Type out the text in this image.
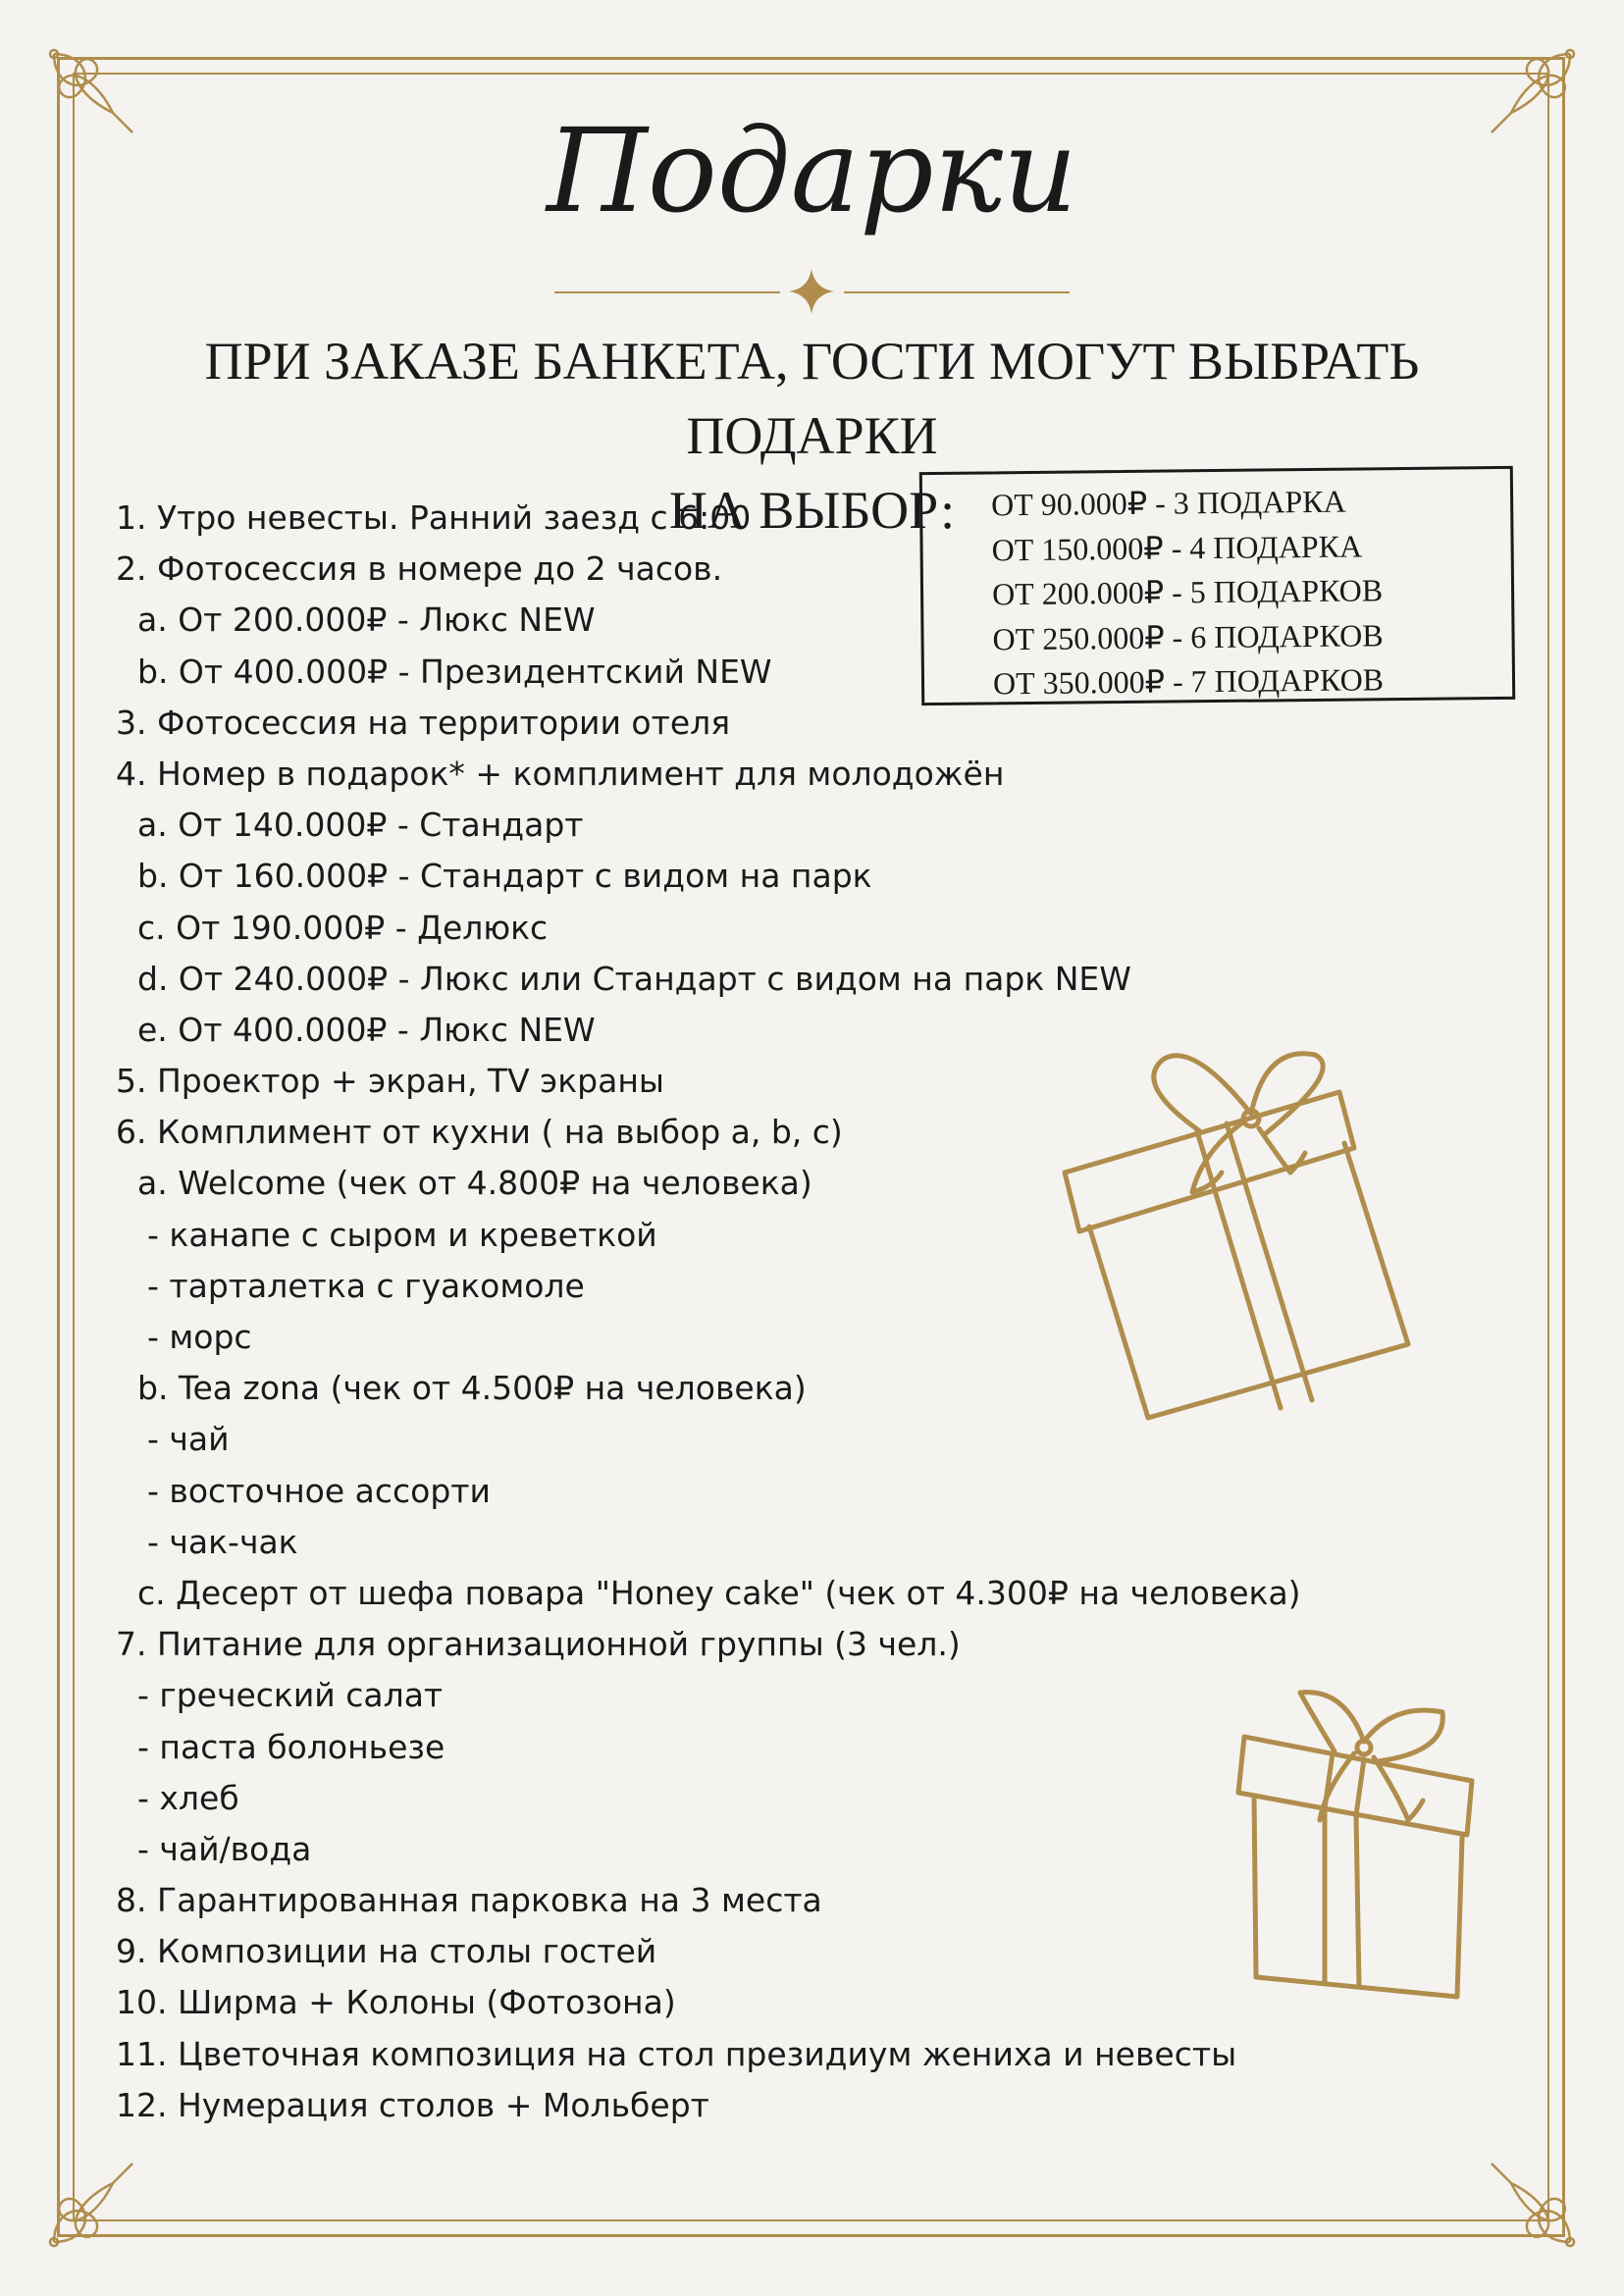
Подарки
ПРИ ЗАКАЗЕ БАНКЕТА, ГОСТИ МОГУТ ВЫБРАТЬ ПОДАРКИ
НА ВЫБОР:	ОТ 90.000₽ - 3 ПОДАРКА
ОТ 150.000₽ - 4 ПОДАРКА
ОТ 200.000₽ - 5 ПОДАРКОВ
ОТ 250.000₽ - 6 ПОДАРКОВ
ОТ 350.000₽ - 7 ПОДАРКОВ
1. Утро невесты. Ранний заезд с 6:00
2. Фотосессия в номере до 2 часов.
a. От 200.000₽ - Люкс NEW
b. От 400.000₽ - Президентский NEW
3. Фотосессия на территории отеля
4. Номер в подарок* + комплимент для молодожён
a. От 140.000₽ - Стандарт
b. От 160.000₽ - Стандарт с видом на парк
c. От 190.000₽ - Делюкс
d. От 240.000₽ - Люкс или Стандарт с видом на парк NEW
e. От 400.000₽ - Люкс NEW
5. Проектор + экран, TV экраны
6. Комплимент от кухни ( на выбор a, b, c)
a. Welcome (чек от 4.800₽ на человека)
- канапе с сыром и креветкой
- тарталетка с гуакомоле
- морс
b. Tea zona (чек от 4.500₽ на человека)
- чай
- восточное ассорти
- чак-чак
c. Десерт от шефа повара "Honey cake" (чек от 4.300₽ на человека)
7. Питание для организационной группы (3 чел.)
- греческий салат
- паста болоньезе
- хлеб
- чай/вода
8. Гарантированная парковка на 3 места
9. Композиции на столы гостей
10. Ширма + Колоны (Фотозона)
11. Цветочная композиция на стол президиум жениха и невесты
12. Нумерация столов + Мольберт
